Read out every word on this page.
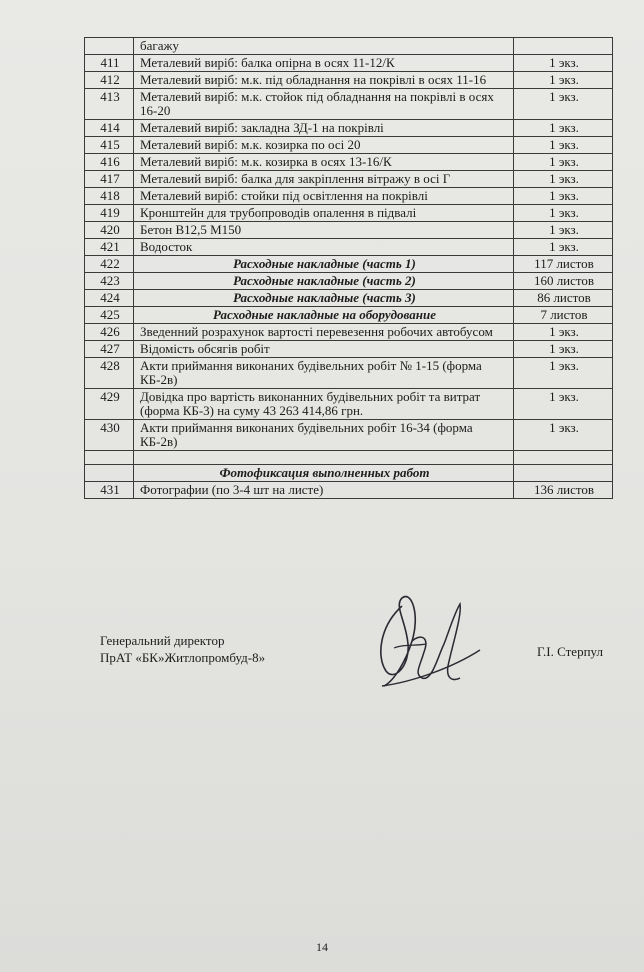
	багажу	
411	Металевий виріб: балка опірна в осях 11-12/К	1 экз.
412	Металевий виріб: м.к. під обладнання на покрівлі в осях 11-16	1 экз.
413	Металевий виріб: м.к. стойок під обладнання на покрівлі в осях 16-20	1 экз.
414	Металевий виріб: закладна ЗД-1 на покрівлі	1 экз.
415	Металевий виріб: м.к. козирка по осі 20	1 экз.
416	Металевий виріб: м.к. козирка в осях 13-16/К	1 экз.
417	Металевий виріб: балка для закріплення вітражу в осі Г	1 экз.
418	Металевий виріб: стойки під освітлення на покрівлі	1 экз.
419	Кронштейн для трубопроводів опалення в підвалі	1 экз.
420	Бетон В12,5 М150	1 экз.
421	Водосток	1 экз.
422	Расходные накладные (часть 1)	117 листов
423	Расходные накладные (часть 2)	160 листов
424	Расходные накладные (часть 3)	86 листов
425	Расходные накладные на оборудование	7 листов
426	Зведенний розрахунок вартості перевезення робочих автобусом	1 экз.
427	Відомість обсягів робіт	1 экз.
428	Акти приймання виконаних будівельних робіт № 1-15 (форма КБ-2в)	1 экз.
429	Довідка про вартість виконанних будівельних робіт та витрат (форма КБ-3) на суму 43 263 414,86 грн.	1 экз.
430	Акти приймання виконаних будівельних робіт 16-34 (форма КБ-2в)	1 экз.

	Фотофиксация выполненных работ	
431	Фотографии (по 3-4 шт на листе)	136 листов
Генеральний директор
ПрАТ «БК»Житлопромбуд-8»	Г.І. Стерпул
14
